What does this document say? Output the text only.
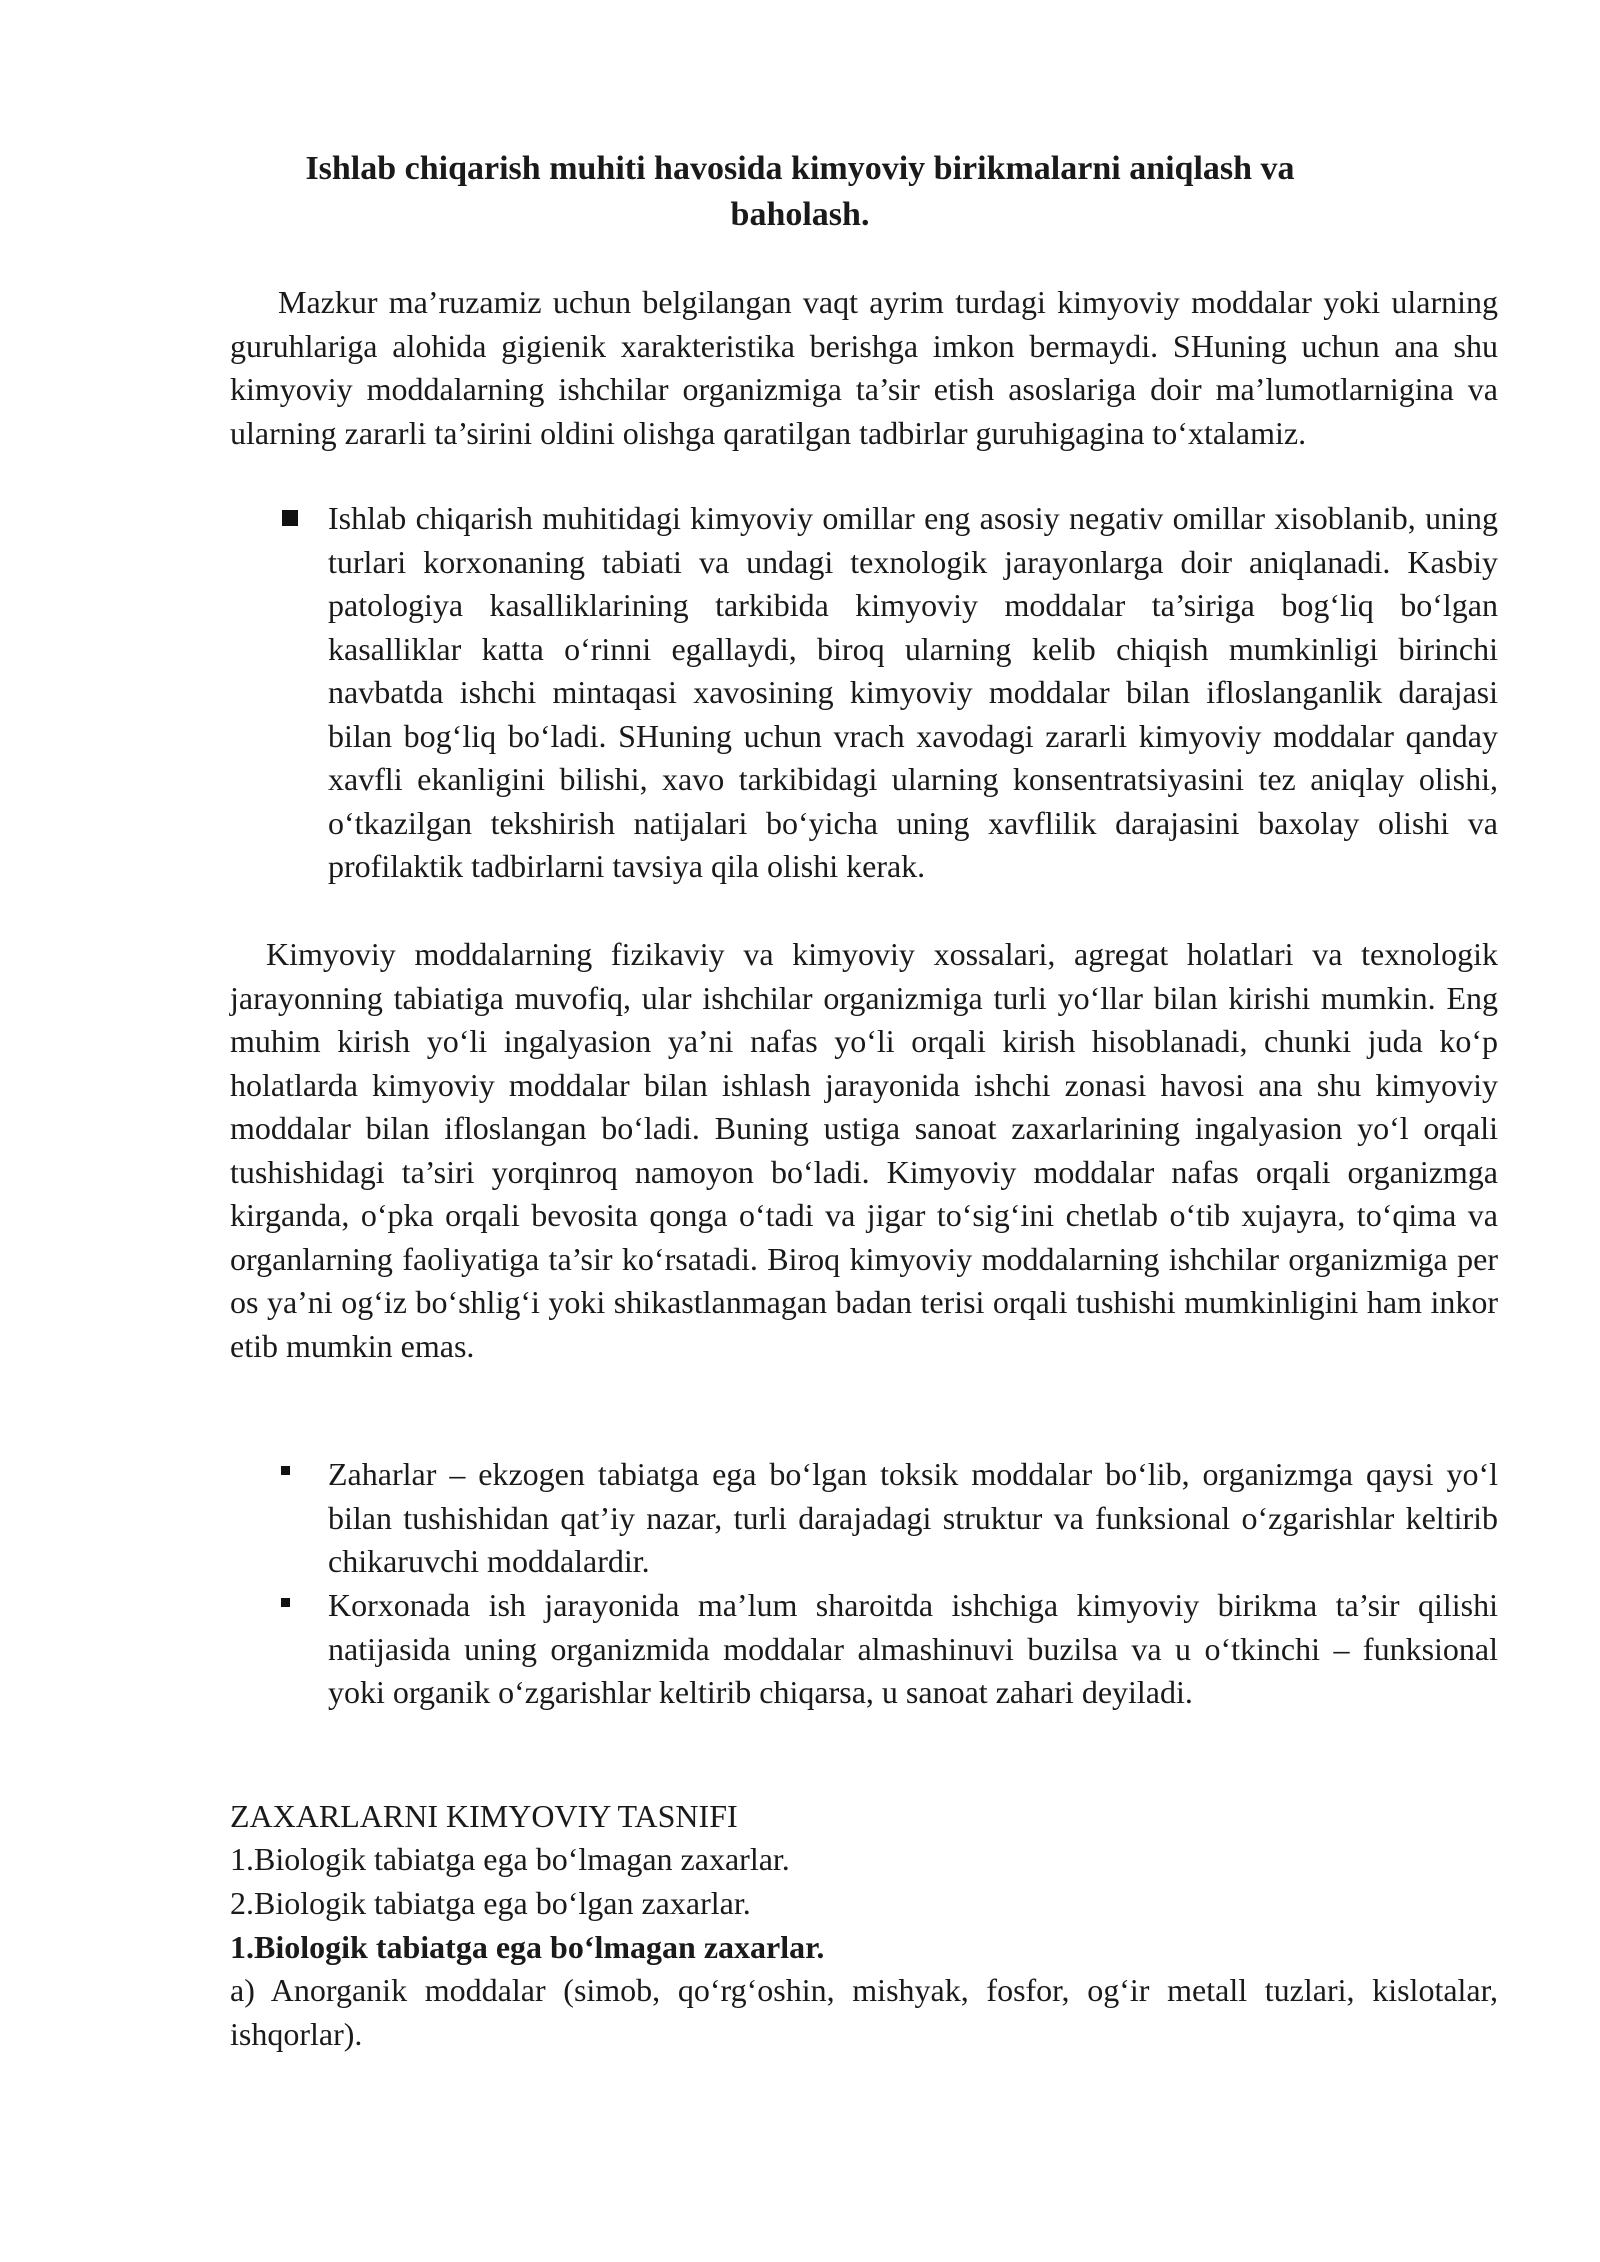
Ishlab chiqarish muhiti havosida kimyoviy birikmalarni aniqlash va baholash.

Mazkur ma’ruzamiz uchun belgilangan vaqt ayrim turdagi kimyoviy moddalar yoki ularning guruhlariga alohida gigienik xarakteristika berishga imkon bermaydi. SHuning uchun ana shu kimyoviy moddalarning ishchilar organizmiga ta’sir etish asoslariga doir ma’lumotlarnigina va ularning zararli ta’sirini oldini olishga qaratilgan tadbirlar guruhigagina to‘xtalamiz.

Ishlab chiqarish muhitidagi kimyoviy omillar eng asosiy negativ omillar xisoblanib, uning turlari korxonaning tabiati va undagi texnologik jarayonlarga doir aniqlanadi. Kasbiy patologiya kasalliklarining tarkibida kimyoviy moddalar ta’siriga bog‘liq bo‘lgan kasalliklar katta o‘rinni egallaydi, biroq ularning kelib chiqish mumkinligi birinchi navbatda ishchi mintaqasi xavosining kimyoviy moddalar bilan ifloslanganlik darajasi bilan bog‘liq bo‘ladi. SHuning uchun vrach xavodagi zararli kimyoviy moddalar qanday xavfli ekanligini bilishi, xavo tarkibidagi ularning konsentratsiyasini tez aniqlay olishi, o‘tkazilgan tekshirish natijalari bo‘yicha uning xavflilik darajasini baxolay olishi va profilaktik tadbirlarni tavsiya qila olishi kerak.

Kimyoviy moddalarning fizikaviy va kimyoviy xossalari, agregat holatlari va texnologik jarayonning tabiatiga muvofiq, ular ishchilar organizmiga turli yo‘llar bilan kirishi mumkin. Eng muhim kirish yo‘li ingalyasion ya’ni nafas yo‘li orqali kirish hisoblanadi, chunki juda ko‘p holatlarda kimyoviy moddalar bilan ishlash jarayonida ishchi zonasi havosi ana shu kimyoviy moddalar bilan ifloslangan bo‘ladi. Buning ustiga sanoat zaxarlarining ingalyasion yo‘l orqali tushishidagi ta’siri yorqinroq namoyon bo‘ladi. Kimyoviy moddalar nafas orqali organizmga kirganda, o‘pka orqali bevosita qonga o‘tadi va jigar to‘sig‘ini chetlab o‘tib xujayra, to‘qima va organlarning faoliyatiga ta’sir ko‘rsatadi. Biroq kimyoviy moddalarning ishchilar organizmiga per os ya’ni og‘iz bo‘shlig‘i yoki shikastlanmagan badan terisi orqali tushishi mumkinligini ham inkor etib mumkin emas.

Zaharlar – ekzogen tabiatga ega bo‘lgan toksik moddalar bo‘lib, organizmga qaysi yo‘l bilan tushishidan qat’iy nazar, turli darajadagi struktur va funksional o‘zgarishlar keltirib chikaruvchi moddalardir.

Korxonada ish jarayonida ma’lum sharoitda ishchiga kimyoviy birikma ta’sir qilishi natijasida uning organizmida moddalar almashinuvi buzilsa va u o‘tkinchi – funksional yoki organik o‘zgarishlar keltirib chiqarsa, u sanoat zahari deyiladi.

ZAXARLARNI KIMYOVIY TASNIFI

1.Biologik tabiatga ega bo‘lmagan zaxarlar.

2.Biologik tabiatga ega bo‘lgan zaxarlar.

1.Biologik tabiatga ega bo‘lmagan zaxarlar.

a) Anorganik moddalar (simob, qo‘rg‘oshin, mishyak, fosfor, og‘ir metall tuzlari, kislotalar, ishqorlar).
